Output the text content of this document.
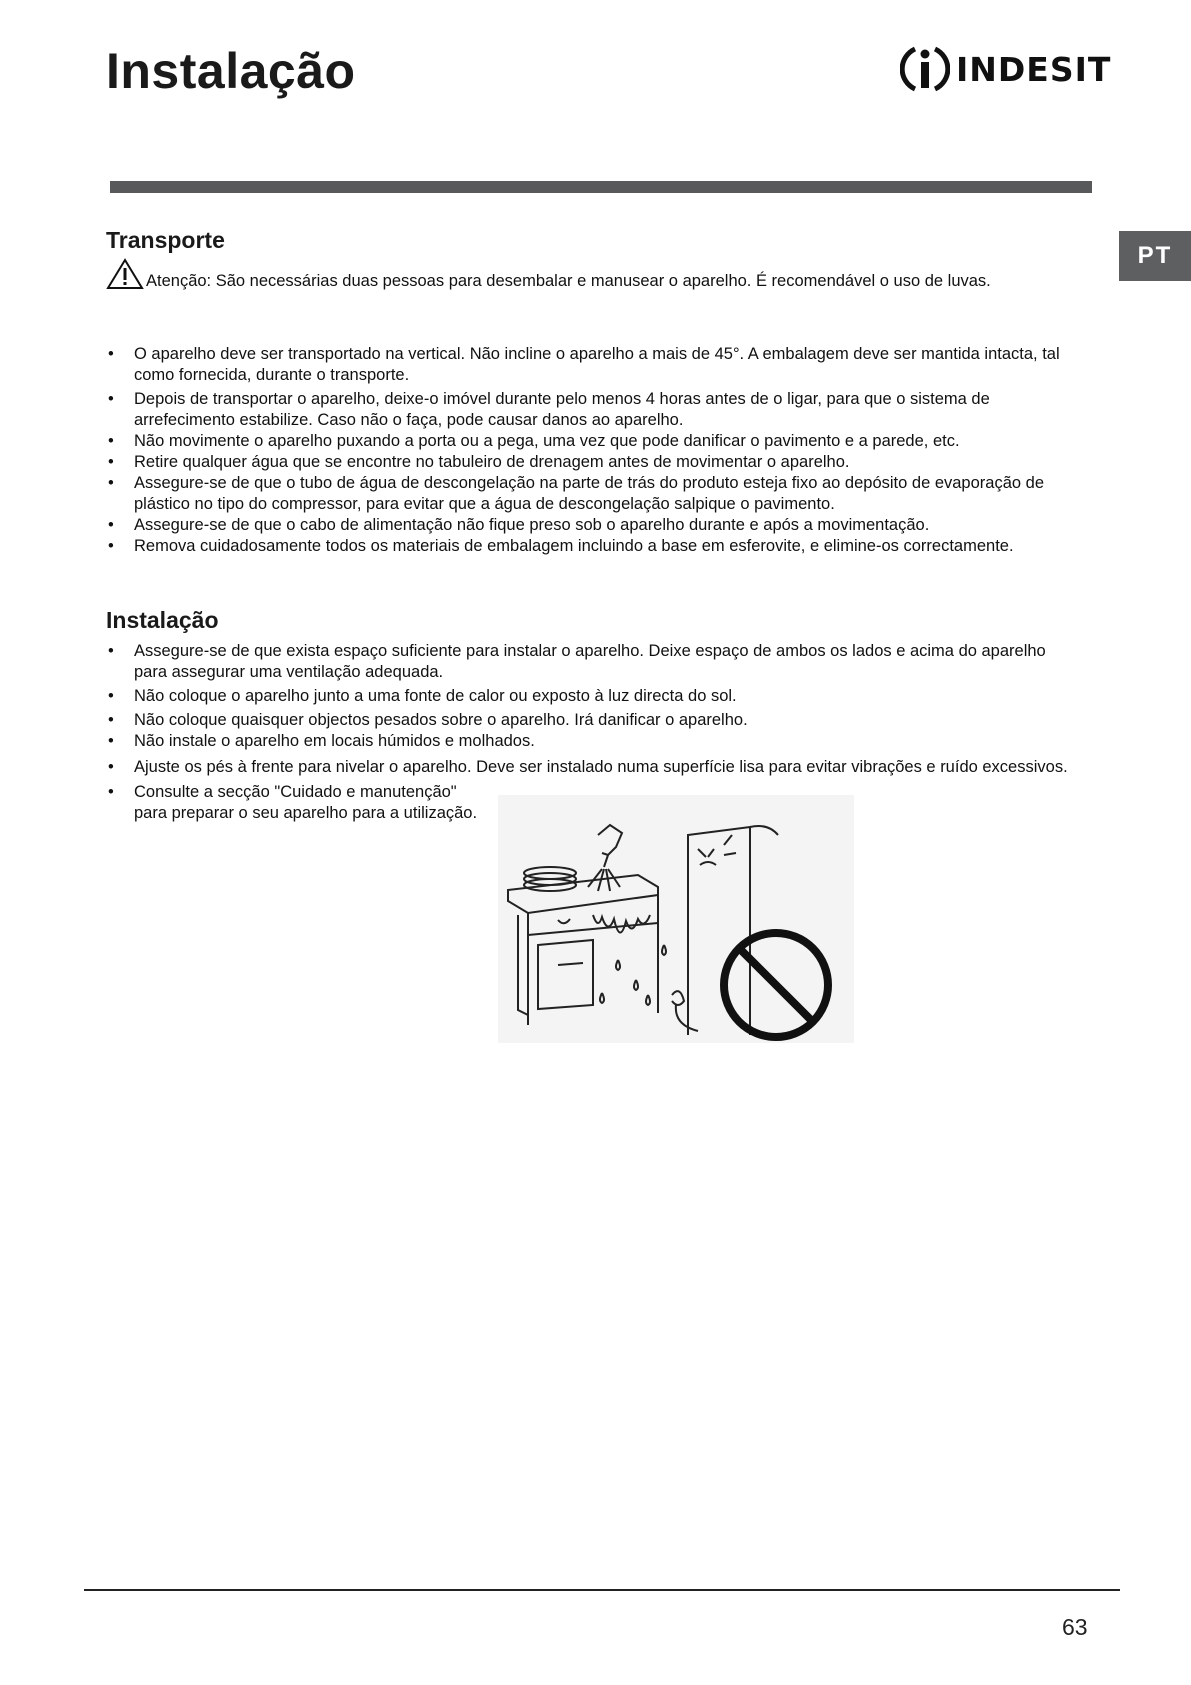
Instalação	INDESIT
PT
Transporte
Atenção: São necessárias duas pessoas para desembalar e manusear o aparelho. É recomendável o uso de luvas.
• O aparelho deve ser transportado na vertical. Não incline o aparelho a mais de 45°. A embalagem deve ser mantida intacta, tal como fornecida, durante o transporte.
• Depois de transportar o aparelho, deixe-o imóvel durante pelo menos 4 horas antes de o ligar, para que o sistema de arrefecimento estabilize. Caso não o faça, pode causar danos ao aparelho.
• Não movimente o aparelho puxando a porta ou a pega, uma vez que pode danificar o pavimento e a parede, etc.
• Retire qualquer água que se encontre no tabuleiro de drenagem antes de movimentar o aparelho.
• Assegure-se de que o tubo de água de descongelação na parte de trás do produto esteja fixo ao depósito de evaporação de plástico no tipo do compressor, para evitar que a água de descongelação salpique o pavimento.
• Assegure-se de que o cabo de alimentação não fique preso sob o aparelho durante e após a movimentação.
• Remova cuidadosamente todos os materiais de embalagem incluindo a base em esferovite, e elimine-os correctamente.
Instalação
• Assegure-se de que exista espaço suficiente para instalar o aparelho. Deixe espaço de ambos os lados e acima do aparelho para assegurar uma ventilação adequada.
• Não coloque o aparelho junto a uma fonte de calor ou exposto à luz directa do sol.
• Não coloque quaisquer objectos pesados sobre o aparelho. Irá danificar o aparelho.
• Não instale o aparelho em locais húmidos e molhados.
• Ajuste os pés à frente para nivelar o aparelho. Deve ser instalado numa superfície lisa para evitar vibrações e ruído excessivos.
• Consulte a secção "Cuidado e manutenção" para preparar o seu aparelho para a utilização.
63
